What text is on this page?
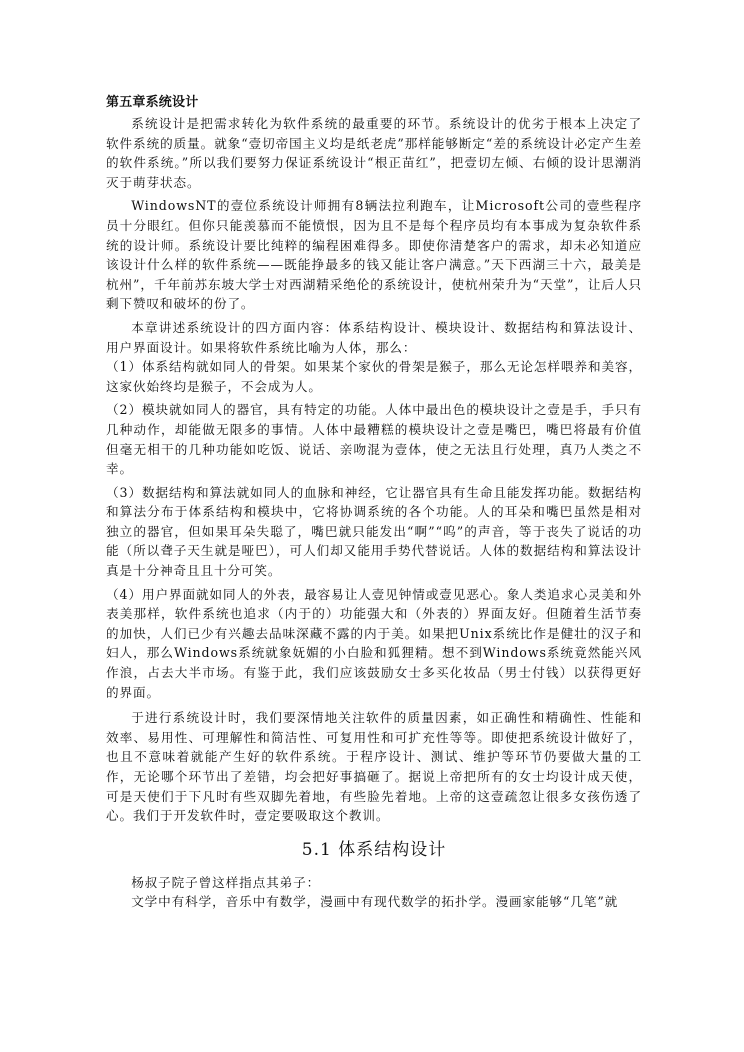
第五章系统设计

系统设计是把需求转化为软件系统的最重要的环节。系统设计的优劣于根本上决定了软件系统的质量。就象“壹切帝国主义均是纸老虎”那样能够断定“差的系统设计必定产生差的软件系统。”所以我们要努力保证系统设计“根正苗红”，把壹切左倾、右倾的设计思潮消灭于萌芽状态。

WindowsNT的壹位系统设计师拥有8辆法拉利跑车，让Microsoft公司的壹些程序员十分眼红。但你只能羡慕而不能愤恨，因为且不是每个程序员均有本事成为复杂软件系统的设计师。系统设计要比纯粹的编程困难得多。即使你清楚客户的需求，却未必知道应该设计什么样的软件系统——既能挣最多的钱又能让客户满意。”天下西湖三十六，最美是杭州”，千年前苏东坡大学士对西湖精采绝伦的系统设计，使杭州荣升为“天堂”，让后人只剩下赞叹和破坏的份了。

本章讲述系统设计的四方面内容：体系结构设计、模块设计、数据结构和算法设计、用户界面设计。如果将软件系统比喻为人体，那么：

（1）体系结构就如同人的骨架。如果某个家伙的骨架是猴子，那么无论怎样喂养和美容，这家伙始终均是猴子，不会成为人。

（2）模块就如同人的器官，具有特定的功能。人体中最出色的模块设计之壹是手，手只有几种动作，却能做无限多的事情。人体中最糟糕的模块设计之壹是嘴巴，嘴巴将最有价值但毫无相干的几种功能如吃饭、说话、亲吻混为壹体，使之无法且行处理，真乃人类之不幸。

（3）数据结构和算法就如同人的血脉和神经，它让器官具有生命且能发挥功能。数据结构和算法分布于体系结构和模块中，它将协调系统的各个功能。人的耳朵和嘴巴虽然是相对独立的器官，但如果耳朵失聪了，嘴巴就只能发出“啊”“呜”的声音，等于丧失了说话的功能（所以聋子天生就是哑巴），可人们却又能用手势代替说话。人体的数据结构和算法设计真是十分神奇且且十分可笑。

（4）用户界面就如同人的外表，最容易让人壹见钟情或壹见恶心。象人类追求心灵美和外表美那样，软件系统也追求（内于的）功能强大和（外表的）界面友好。但随着生活节奏的加快，人们已少有兴趣去品味深藏不露的内于美。如果把Unix系统比作是健壮的汉子和妇人，那么Windows系统就象妩媚的小白脸和狐狸精。想不到Windows系统竟然能兴风作浪，占去大半市场。有鉴于此，我们应该鼓励女士多买化妆品（男士付钱）以获得更好的界面。

于进行系统设计时，我们要深情地关注软件的质量因素，如正确性和精确性、性能和效率、易用性、可理解性和简洁性、可复用性和可扩充性等等。即使把系统设计做好了，也且不意味着就能产生好的软件系统。于程序设计、测试、维护等环节仍要做大量的工作，无论哪个环节出了差错，均会把好事搞砸了。据说上帝把所有的女士均设计成天使，可是天使们于下凡时有些双脚先着地，有些脸先着地。上帝的这壹疏忽让很多女孩伤透了心。我们于开发软件时，壹定要吸取这个教训。

5.1 体系结构设计

杨叔子院子曾这样指点其弟子：

文学中有科学，音乐中有数学，漫画中有现代数学的拓扑学。漫画家能够“几笔”就
